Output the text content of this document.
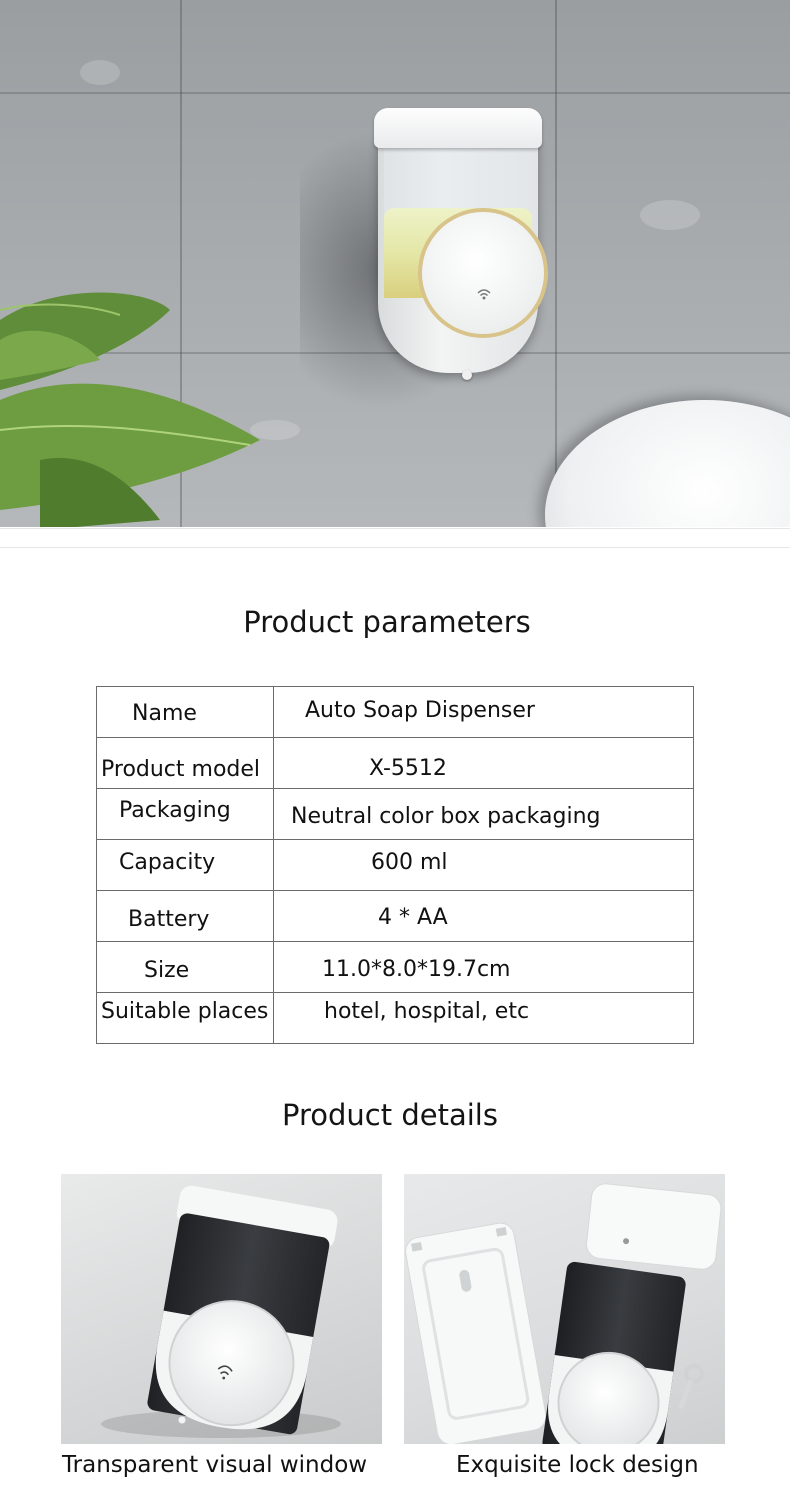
Product parameters
Name	Auto Soap Dispenser

Product model	X-5512

Packaging	Neutral color box packaging

Capacity	600 ml

Battery	4 * AA

Size	11.0*8.0*19.7cm

Suitable places	hotel, hospital, etc
Product details
Transparent visual window	Exquisite lock design
